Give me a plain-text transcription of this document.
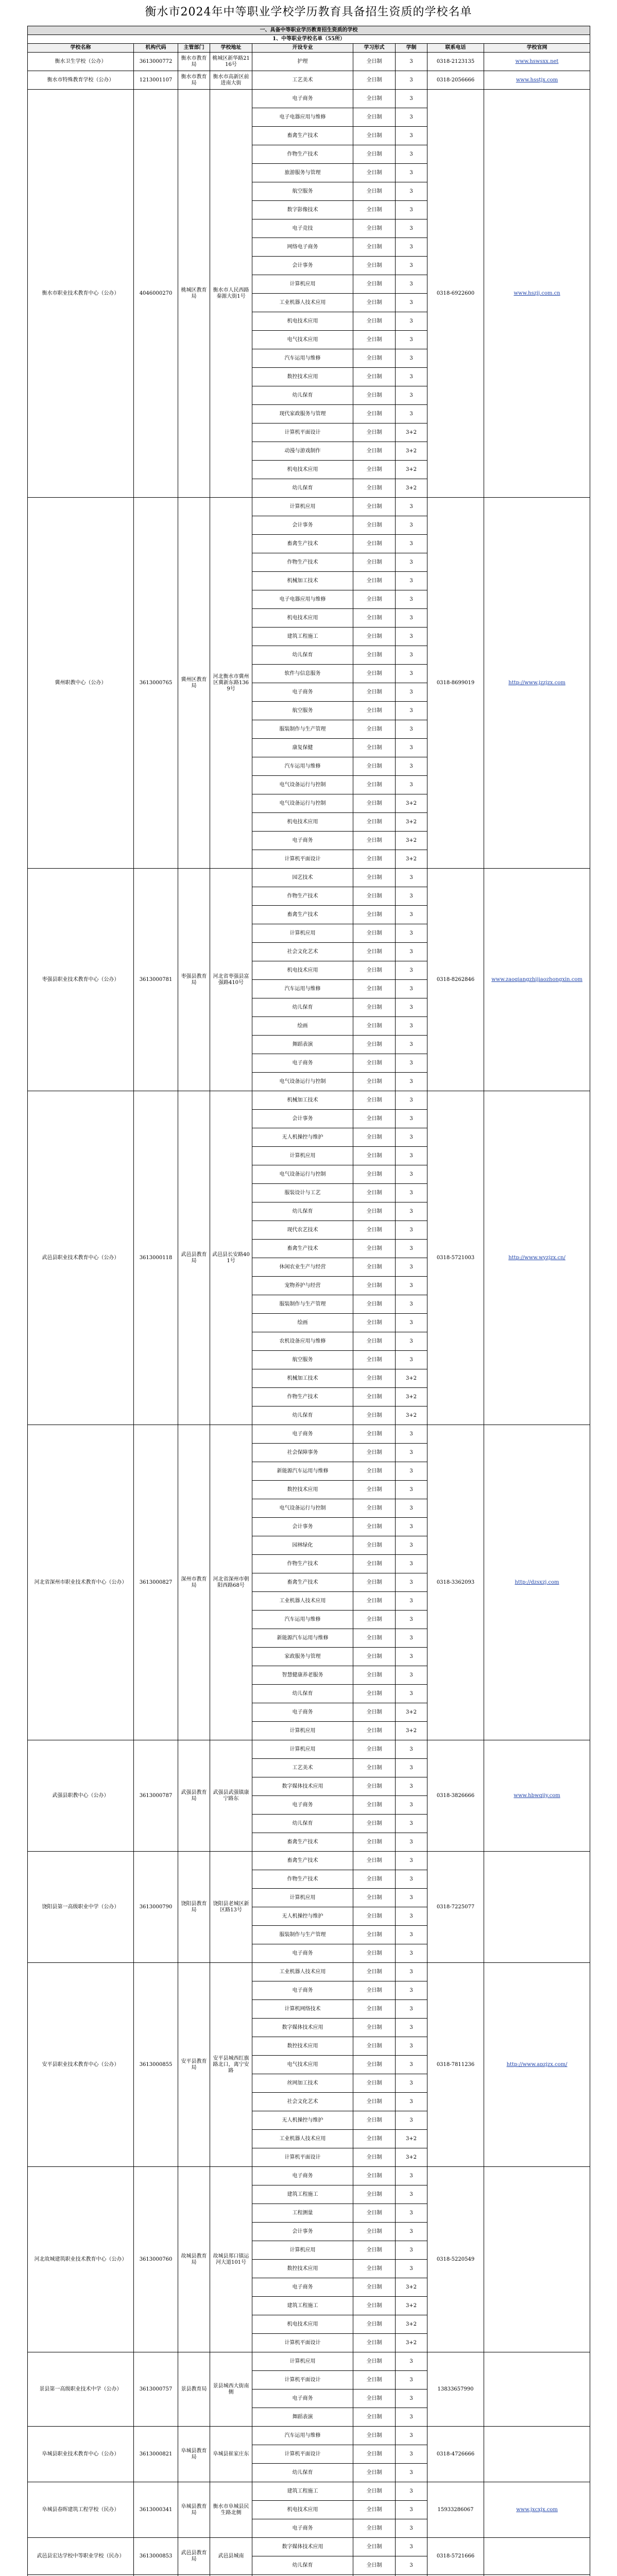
衡水市2024年中等职业学校学历教育具备招生资质的学校名单
一、具备中等职业学历教育招生资质的学校								
1、中等职业学校名单（55所）								
学校名称	机构代码	主管部门	学校地址	开设专业	学习形式	学制	联系电话	学校官网
衡水卫生学校（公办）	3613000772	衡水市教育局	桃城区新华路2116号	护理	全日制	3	0318-2123135	www.hswsxx.net
衡水市特殊教育学校（公办）	1213001107	衡水市教育局	衡水市高新区前进南大街	工艺美术	全日制	3	0318-2056666	www.hsstjx.com
衡水市职业技术教育中心（公办）	4046000270	桃城区教育局	衡水市人民西路秦源大街1号	电子商务	全日制	3	0318-6922600	www.hszjj.com.cn
				电子电器应用与维修	全日制	3		
				畜禽生产技术	全日制	3		
				作物生产技术	全日制	3		
				旅游服务与管理	全日制	3		
				航空服务	全日制	3		
				数字影像技术	全日制	3		
				电子竞技	全日制	3		
				网络电子商务	全日制	3		
				会计事务	全日制	3		
				计算机应用	全日制	3		
				工业机器人技术应用	全日制	3		
				机电技术应用	全日制	3		
				电气技术应用	全日制	3		
				汽车运用与维修	全日制	3		
				数控技术应用	全日制	3		
				幼儿保育	全日制	3		
				现代家政服务与管理	全日制	3		
				计算机平面设计	全日制	3+2		
				动漫与游戏制作	全日制	3+2		
				机电技术应用	全日制	3+2		
				幼儿保育	全日制	3+2		
冀州职教中心（公办）	3613000765	冀州区教育局	河北衡水市冀州区冀新东路1369号	计算机应用	全日制	3	0318-8699019	http://www.jzzjzx.com
				会计事务	全日制	3		
				畜禽生产技术	全日制	3		
				作物生产技术	全日制	3		
				机械加工技术	全日制	3		
				电子电器应用与维修	全日制	3		
				机电技术应用	全日制	3		
				建筑工程施工	全日制	3		
				幼儿保育	全日制	3		
				软件与信息服务	全日制	3		
				电子商务	全日制	3		
				航空服务	全日制	3		
				服装制作与生产管理	全日制	3		
				康复保健	全日制	3		
				汽车运用与维修	全日制	3		
				电气设备运行与控制	全日制	3		
				电气设备运行与控制	全日制	3+2		
				机电技术应用	全日制	3+2		
				电子商务	全日制	3+2		
				计算机平面设计	全日制	3+2		
枣强县职业技术教育中心（公办）	3613000781	枣强县教育局	河北省枣强县富强路410号	园艺技术	全日制	3	0318-8262846	www.zaoqiangzhijiaozhongxin.com
				作物生产技术	全日制	3		
				畜禽生产技术	全日制	3		
				计算机应用	全日制	3		
				社会文化艺术	全日制	3		
				机电技术应用	全日制	3		
				汽车运用与维修	全日制	3		
				幼儿保育	全日制	3		
				绘画	全日制	3		
				舞蹈表演	全日制	3		
				电子商务	全日制	3		
				电气设备运行与控制	全日制	3		
武邑县职业技术教育中心（公办）	3613000118	武邑县教育局	武邑县长安路401号	机械加工技术	全日制	3	0318-5721003	http://www.wyzjzx.cn/
				会计事务	全日制	3		
				无人机操控与维护	全日制	3		
				计算机应用	全日制	3		
				电气设备运行与控制	全日制	3		
				服装设计与工艺	全日制	3		
				幼儿保育	全日制	3		
				现代农艺技术	全日制	3		
				畜禽生产技术	全日制	3		
				休闲农业生产与经营	全日制	3		
				宠物养护与经营	全日制	3		
				服装制作与生产管理	全日制	3		
				绘画	全日制	3		
				农机设备应用与维修	全日制	3		
				航空服务	全日制	3		
				机械加工技术	全日制	3+2		
				作物生产技术	全日制	3+2		
				幼儿保育	全日制	3+2		
河北省深州市职业技术教育中心（公办）	3613000827	深州市教育局	河北省深州市朝阳西路68号	电子商务	全日制	3	0318-3362093	http://dzsxzj.com
				社会保障事务	全日制	3		
				新能源汽车运用与维修	全日制	3		
				数控技术应用	全日制	3		
				电气设备运行与控制	全日制	3		
				会计事务	全日制	3		
				园林绿化	全日制	3		
				作物生产技术	全日制	3		
				畜禽生产技术	全日制	3		
				工业机器人技术应用	全日制	3		
				汽车运用与维修	全日制	3		
				新能源汽车运用与维修	全日制	3		
				家政服务与管理	全日制	3		
				智慧健康养老服务	全日制	3		
				幼儿保育	全日制	3		
				电子商务	全日制	3+2		
				计算机应用	全日制	3+2		
武强县职教中心（公办）	3613000787	武强县教育局	武强县武强镇康宁路东	计算机应用	全日制	3	0318-3826666	www.hbwqjjy.com
				工艺美术	全日制	3		
				数字媒体技术应用	全日制	3		
				电子商务	全日制	3		
				幼儿保育	全日制	3		
				畜禽生产技术	全日制	3		
饶阳县第一高级职业中学（公办）	3613000790	饶阳县教育局	饶阳县老城区新区路13号	畜禽生产技术	全日制	3	0318-7225077	
				作物生产技术	全日制	3		
				计算机应用	全日制	3		
				无人机操控与维护	全日制	3		
				服装制作与生产管理	全日制	3		
				电子商务	全日制	3		
安平县职业技术教育中心（公办）	3613000855	安平县教育局	安平县城西红旗路北口，离宁安路	工业机器人技术应用	全日制	3	0318-7811236	http://www.apzjzx.com/
				电子商务	全日制	3		
				计算机网络技术	全日制	3		
				数字媒体技术应用	全日制	3		
				数控技术应用	全日制	3		
				电气技术应用	全日制	3		
				丝网加工技术	全日制	3		
				社会文化艺术	全日制	3		
				无人机操控与维护	全日制	3		
				工业机器人技术应用	全日制	3+2		
				计算机平面设计	全日制	3+2		
河北故城建筑职业技术教育中心（公办）	3613000760	故城县教育局	故城县郑口镇运河大道101号	电子商务	全日制	3	0318-5220549	
				建筑工程施工	全日制	3		
				工程测量	全日制	3		
				会计事务	全日制	3		
				计算机应用	全日制	3		
				数控技术应用	全日制	3		
				电子商务	全日制	3+2		
				建筑工程施工	全日制	3+2		
				机电技术应用	全日制	3+2		
				计算机平面设计	全日制	3+2		
景县第一高级职业技术中学（公办）	3613000757	景县教育局	景县城西大街南侧	计算机应用	全日制	3	13833657990	
				计算机平面设计	全日制	3		
				电子商务	全日制	3		
				舞蹈表演	全日制	3		
阜城县职业技术教育中心（公办）	3613000821	阜城县教育局	阜城县崔家庄东	汽车运用与维修	全日制	3	0318-4726666	
				计算机平面设计	全日制	3		
				幼儿保育	全日制	3		
阜城县春晖建筑工程学校（民办）	3613000341	阜城县教育局	衡水市阜城县民生路北侧	建筑工程施工	全日制	3	15933286067	www.jxcxjx.com
				机电技术应用	全日制	3		
				电子商务	全日制	3		
武邑县宏达学校中等职业学校（民办）	3613000853	武邑县教育局	武邑县城南	数字媒体技术应用	全日制	3	0318-5721666	
				幼儿保育	全日制	3		
